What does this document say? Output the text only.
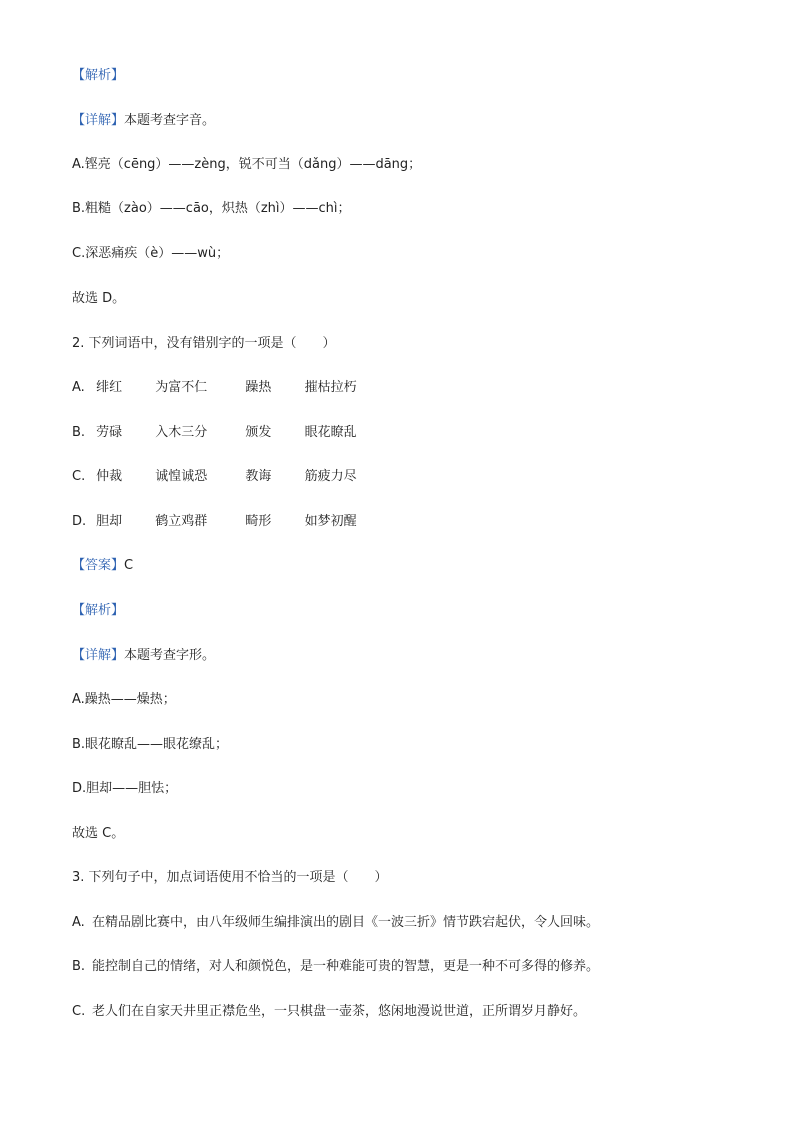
【解析】
【详解】本题考查字音。
A.铿亮（cēng）——zèng，锐不可当（dǎng）——dāng；
B.粗糙（zào）——cāo，炽热（zhì）——chì；
C.深恶痛疾（è）——wù；
故选 D。
2. 下列词语中，没有错别字的一项是（　　）
A. 绯红	为富不仁	躁热	摧枯拉朽
B. 劳碌	入木三分	颁发	眼花瞭乱
C. 仲裁	诚惶诚恐	教诲	筋疲力尽
D. 胆却	鹤立鸡群	畸形	如梦初醒
【答案】C
【解析】
【详解】本题考查字形。
A.躁热——燥热；
B.眼花瞭乱——眼花缭乱；
D.胆却——胆怯；
故选 C。
3. 下列句子中，加点词语使用不恰当的一项是（　　）
A. 在精品剧比赛中，由八年级师生编排演出的剧目《一波三折》情节跌宕起伏，令人回味。
B. 能控制自己的情绪，对人和颜悦色，是一种难能可贵的智慧，更是一种不可多得的修养。
C. 老人们在自家天井里正襟危坐，一只棋盘一壶茶，悠闲地漫说世道，正所谓岁月静好。
